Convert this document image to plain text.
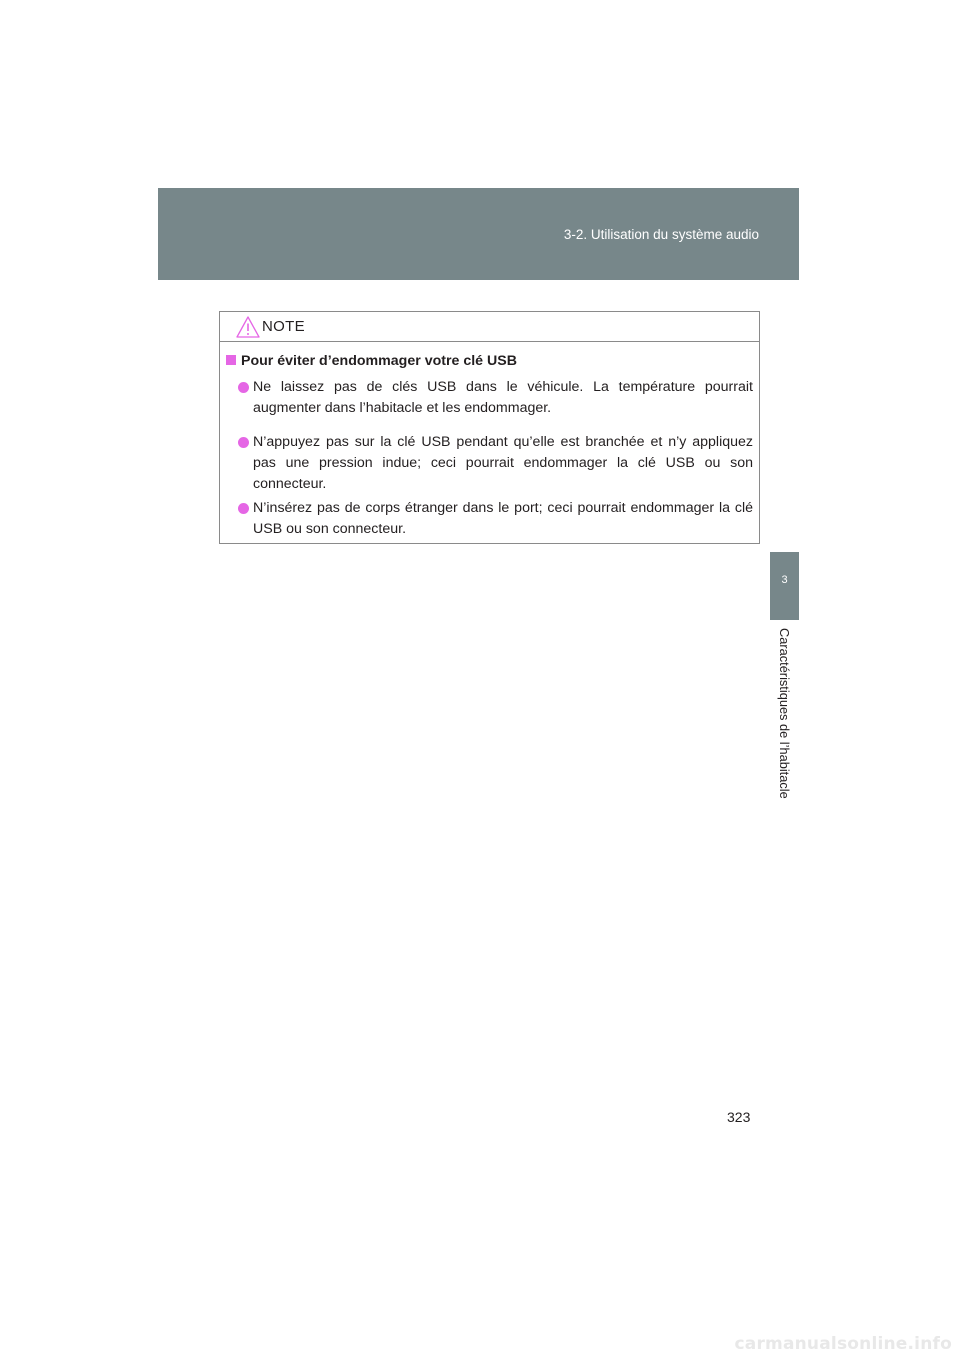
3-2. Utilisation du système audio
3
Caractéristiques de l’habitacle
NOTE
Pour éviter d’endommager votre clé USB
Ne laissez pas de clés USB dans le véhicule. La température pourrait augmenter dans l’habitacle et les endommager.
N’appuyez pas sur la clé USB pendant qu’elle est branchée et n’y appliquez pas une pression indue; ceci pourrait endommager la clé USB ou son connecteur.
N’insérez pas de corps étranger dans le port; ceci pourrait endommager la clé USB ou son connecteur.
323
carmanualsonline.info
